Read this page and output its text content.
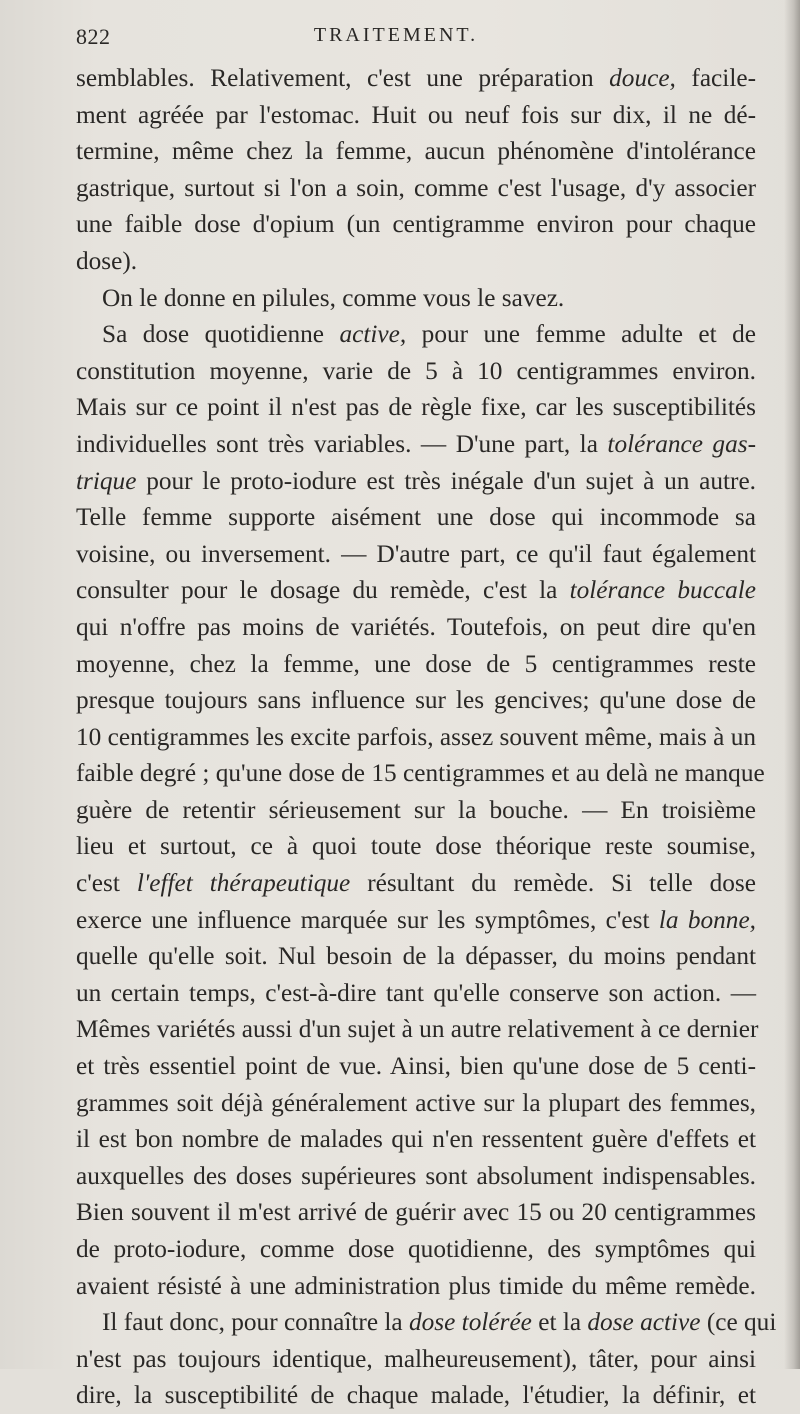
822	TRAITEMENT.
semblables. Relativement, c'est une préparation douce, facile-
ment agréée par l'estomac. Huit ou neuf fois sur dix, il ne dé-
termine, même chez la femme, aucun phénomène d'intolérance
gastrique, surtout si l'on a soin, comme c'est l'usage, d'y associer
une faible dose d'opium (un centigramme environ pour chaque
dose).
On le donne en pilules, comme vous le savez.
Sa dose quotidienne active, pour une femme adulte et de
constitution moyenne, varie de 5 à 10 centigrammes environ.
Mais sur ce point il n'est pas de règle fixe, car les susceptibilités
individuelles sont très variables. — D'une part, la tolérance gas-
trique pour le proto-iodure est très inégale d'un sujet à un autre.
Telle femme supporte aisément une dose qui incommode sa
voisine, ou inversement. — D'autre part, ce qu'il faut également
consulter pour le dosage du remède, c'est la tolérance buccale
qui n'offre pas moins de variétés. Toutefois, on peut dire qu'en
moyenne, chez la femme, une dose de 5 centigrammes reste
presque toujours sans influence sur les gencives; qu'une dose de
10 centigrammes les excite parfois, assez souvent même, mais à un
faible degré ; qu'une dose de 15 centigrammes et au delà ne manque
guère de retentir sérieusement sur la bouche. — En troisième
lieu et surtout, ce à quoi toute dose théorique reste soumise,
c'est l'effet thérapeutique résultant du remède. Si telle dose
exerce une influence marquée sur les symptômes, c'est la bonne,
quelle qu'elle soit. Nul besoin de la dépasser, du moins pendant
un certain temps, c'est-à-dire tant qu'elle conserve son action. —
Mêmes variétés aussi d'un sujet à un autre relativement à ce dernier
et très essentiel point de vue. Ainsi, bien qu'une dose de 5 centi-
grammes soit déjà généralement active sur la plupart des femmes,
il est bon nombre de malades qui n'en ressentent guère d'effets et
auxquelles des doses supérieures sont absolument indispensables.
Bien souvent il m'est arrivé de guérir avec 15 ou 20 centigrammes
de proto-iodure, comme dose quotidienne, des symptômes qui
avaient résisté à une administration plus timide du même remède.
Il faut donc, pour connaître la dose tolérée et la dose active (ce qui
n'est pas toujours identique, malheureusement), tâter, pour ainsi
dire, la susceptibilité de chaque malade, l'étudier, la définir, et
